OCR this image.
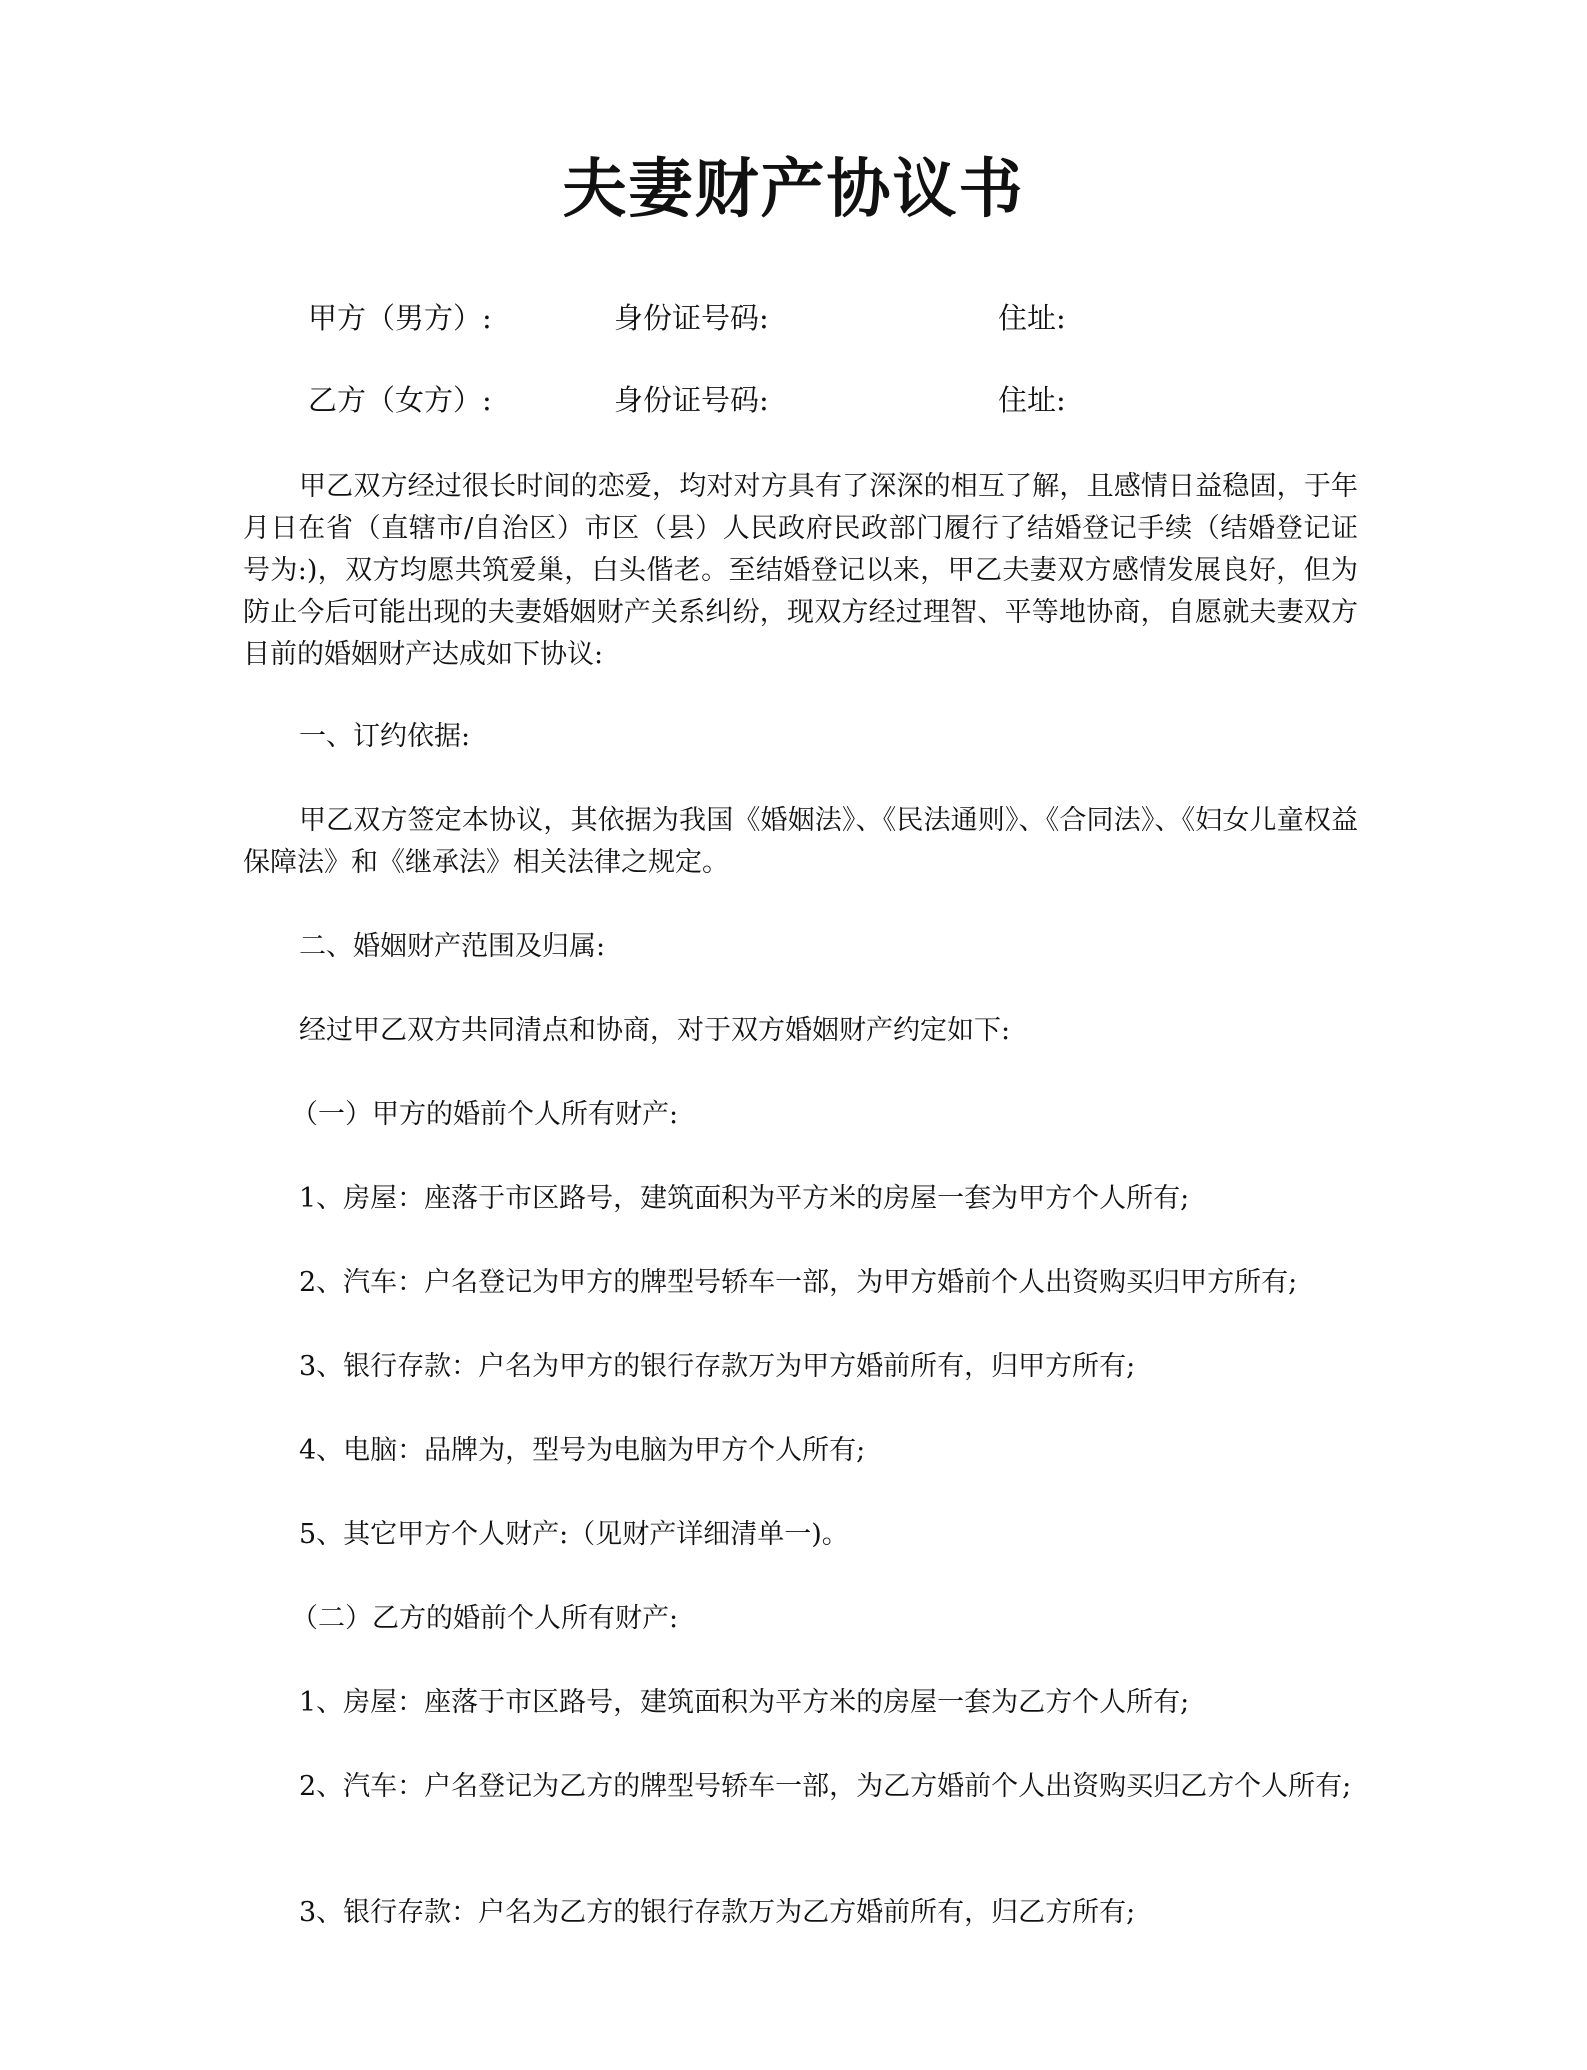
夫妻财产协议书
甲方（男方）:	身份证号码:	住址:
乙方（女方）:	身份证号码:	住址:
甲乙双方经过很长时间的恋爱，均对对方具有了深深的相互了解，且感情日益稳固，于年月日在省（直辖市/自治区）市区（县）人民政府民政部门履行了结婚登记手续（结婚登记证号为:)，双方均愿共筑爱巢，白头偕老。至结婚登记以来，甲乙夫妻双方感情发展良好，但为防止今后可能出现的夫妻婚姻财产关系纠纷，现双方经过理智、平等地协商，自愿就夫妻双方目前的婚姻财产达成如下协议:
一、订约依据:
甲乙双方签定本协议，其依据为我国《婚姻法》、《民法通则》、《合同法》、《妇女儿童权益保障法》和《继承法》相关法律之规定。
二、婚姻财产范围及归属:
经过甲乙双方共同清点和协商，对于双方婚姻财产约定如下:
（一）甲方的婚前个人所有财产:
1、房屋：座落于市区路号，建筑面积为平方米的房屋一套为甲方个人所有;
2、汽车：户名登记为甲方的牌型号轿车一部，为甲方婚前个人出资购买归甲方所有;
3、银行存款：户名为甲方的银行存款万为甲方婚前所有，归甲方所有;
4、电脑：品牌为，型号为电脑为甲方个人所有;
5、其它甲方个人财产:（见财产详细清单一)。
（二）乙方的婚前个人所有财产:
1、房屋：座落于市区路号，建筑面积为平方米的房屋一套为乙方个人所有;
2、汽车：户名登记为乙方的牌型号轿车一部，为乙方婚前个人出资购买归乙方个人所有;
3、银行存款：户名为乙方的银行存款万为乙方婚前所有，归乙方所有;
